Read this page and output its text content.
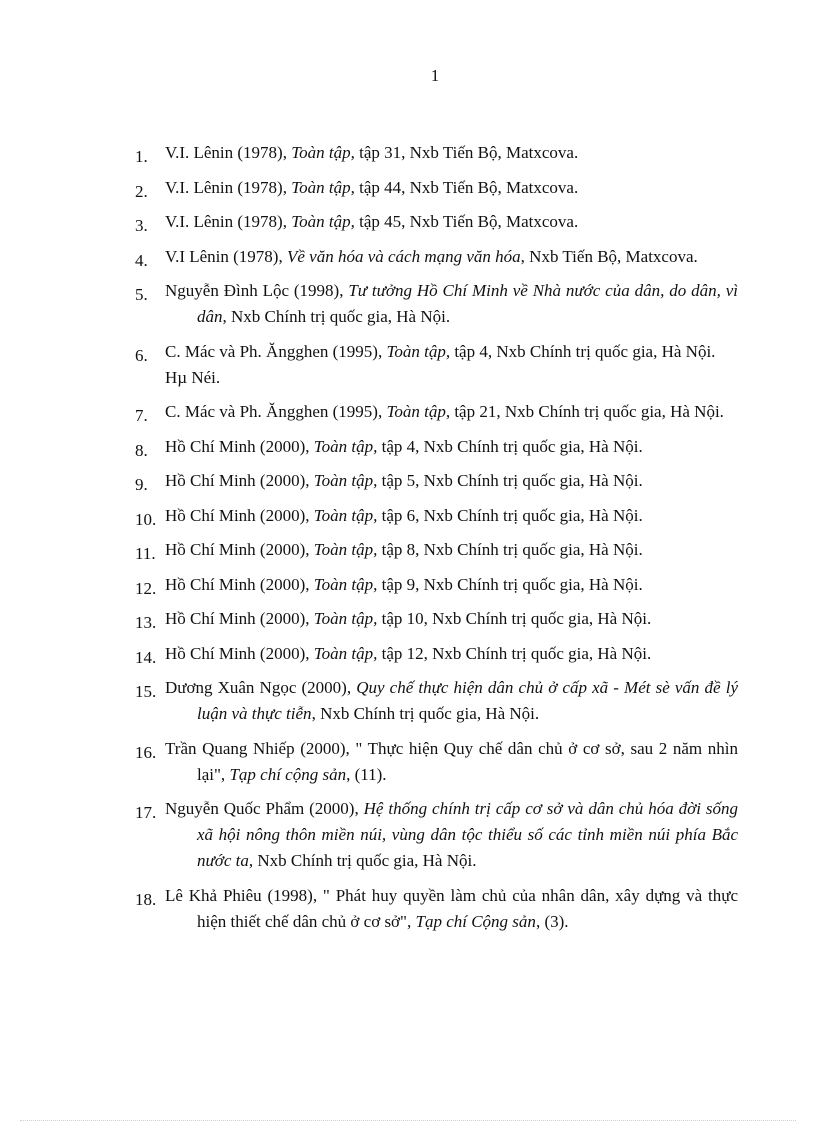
1
1. V.I. Lênin (1978), Toàn tập, tập 31, Nxb Tiến Bộ, Matxcova.
2. V.I. Lênin (1978), Toàn tập, tập 44, Nxb Tiến Bộ, Matxcova.
3. V.I. Lênin (1978), Toàn tập, tập 45, Nxb Tiến Bộ, Matxcova.
4. V.I Lênin (1978), Về văn hóa và cách mạng văn hóa, Nxb Tiến Bộ, Matxcova.
5. Nguyễn Đình Lộc (1998), Tư tưởng Hồ Chí Minh về Nhà nước của dân, do dân, vì dân, Nxb Chính trị quốc gia, Hà Nội.
6. C. Mác và Ph. Ăngghen (1995), Toàn tập, tập 4, Nxb Chính trị quốc gia, Hà Nội.
Hµ Néi.
7. C. Mác và Ph. Ăngghen (1995), Toàn tập, tập 21, Nxb Chính trị quốc gia, Hà Nội.
8. Hồ Chí Minh (2000), Toàn tập, tập 4, Nxb Chính trị quốc gia, Hà Nội.
9. Hồ Chí Minh (2000), Toàn tập, tập 5, Nxb Chính trị quốc gia, Hà Nội.
10. Hồ Chí Minh (2000), Toàn tập, tập 6, Nxb Chính trị quốc gia, Hà Nội.
11. Hồ Chí Minh (2000), Toàn tập, tập 8, Nxb Chính trị quốc gia, Hà Nội.
12. Hồ Chí Minh (2000), Toàn tập, tập 9, Nxb Chính trị quốc gia, Hà Nội.
13. Hồ Chí Minh (2000), Toàn tập, tập 10, Nxb Chính trị quốc gia, Hà Nội.
14. Hồ Chí Minh (2000), Toàn tập, tập 12, Nxb Chính trị quốc gia, Hà Nội.
15. Dương Xuân Ngọc (2000), Quy chế thực hiện dân chủ ở cấp xã - Mét sè vấn đề lý luận và thực tiễn, Nxb Chính trị quốc gia, Hà Nội.
16. Trần Quang Nhiếp (2000), " Thực hiện Quy chế dân chủ ở cơ sở, sau 2 năm nhìn lại", Tạp chí cộng sản, (11).
17. Nguyễn Quốc Phẩm (2000), Hệ thống chính trị cấp cơ sở và dân chủ hóa đời sống xã hội nông thôn miền núi, vùng dân tộc thiểu số các tỉnh miền núi phía Bắc nước ta, Nxb Chính trị quốc gia, Hà Nội.
18. Lê Khả Phiêu (1998), " Phát huy quyền làm chủ của nhân dân, xây dựng và thực hiện thiết chế dân chủ ở cơ sở", Tạp chí Cộng sản, (3).
